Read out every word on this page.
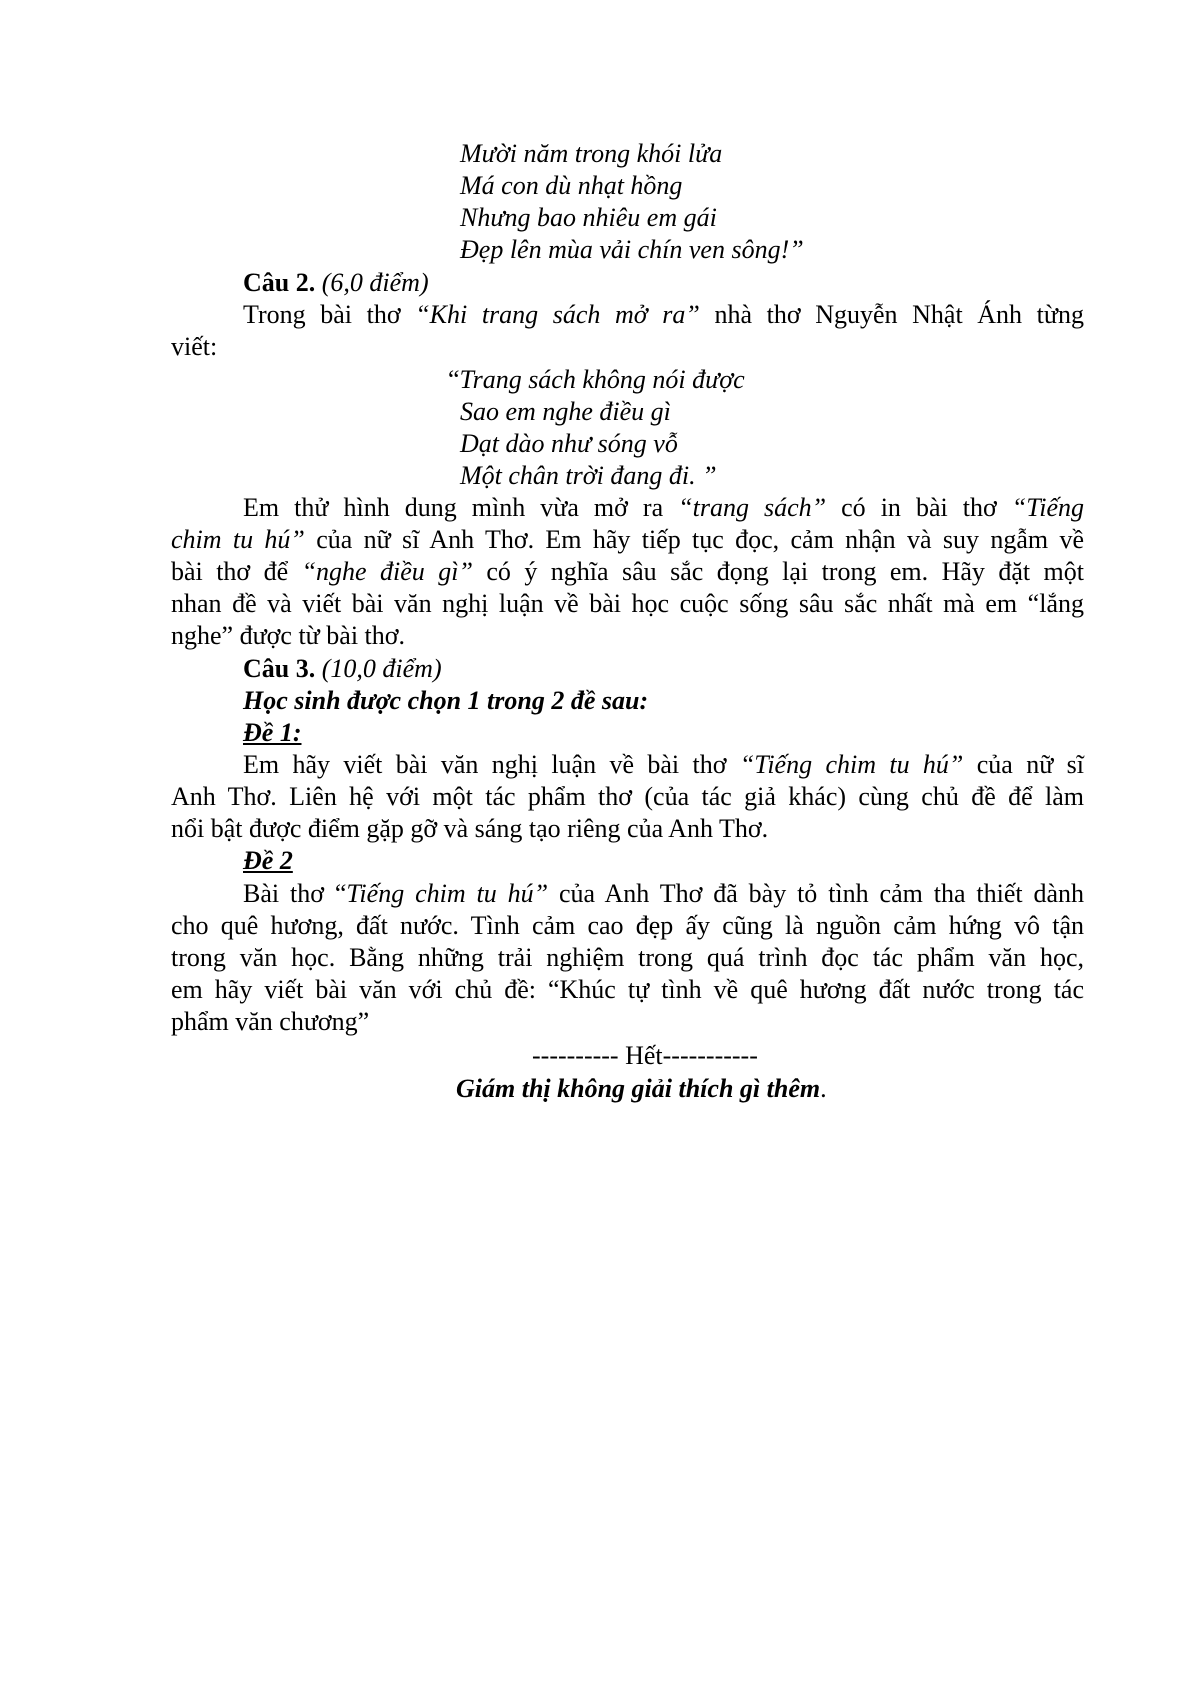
Mười năm trong khói lửa
Má con dù nhạt hồng
Nhưng bao nhiêu em gái
Đẹp lên mùa vải chín ven sông!”
Câu 2. (6,0 điểm)
Trong bài thơ “Khi trang sách mở ra” nhà thơ Nguyễn Nhật Ánh từng
viết:
“Trang sách không nói được
Sao em nghe điều gì
Dạt dào như sóng vỗ
Một chân trời đang đi. ”
Em thử hình dung mình vừa mở ra “trang sách” có in bài thơ “Tiếng
chim tu hú” của nữ sĩ Anh Thơ. Em hãy tiếp tục đọc, cảm nhận và suy ngẫm về
bài thơ để “nghe điều gì” có ý nghĩa sâu sắc đọng lại trong em. Hãy đặt một
nhan đề và viết bài văn nghị luận về bài học cuộc sống sâu sắc nhất mà em “lắng
nghe” được từ bài thơ.
Câu 3. (10,0 điểm)
Học sinh được chọn 1 trong 2 đề sau:
Đề 1:
Em hãy viết bài văn nghị luận về bài thơ “Tiếng chim tu hú” của nữ sĩ
Anh Thơ. Liên hệ với một tác phẩm thơ (của tác giả khác) cùng chủ đề để làm
nổi bật được điểm gặp gỡ và sáng tạo riêng của Anh Thơ.
Đề 2
Bài thơ “Tiếng chim tu hú” của Anh Thơ đã bày tỏ tình cảm tha thiết dành
cho quê hương, đất nước. Tình cảm cao đẹp ấy cũng là nguồn cảm hứng vô tận
trong văn học. Bằng những trải nghiệm trong quá trình đọc tác phẩm văn học,
em hãy viết bài văn với chủ đề: “Khúc tự tình về quê hương đất nước trong tác
phẩm văn chương”
---------- Hết-----------
Giám thị không giải thích gì thêm.
